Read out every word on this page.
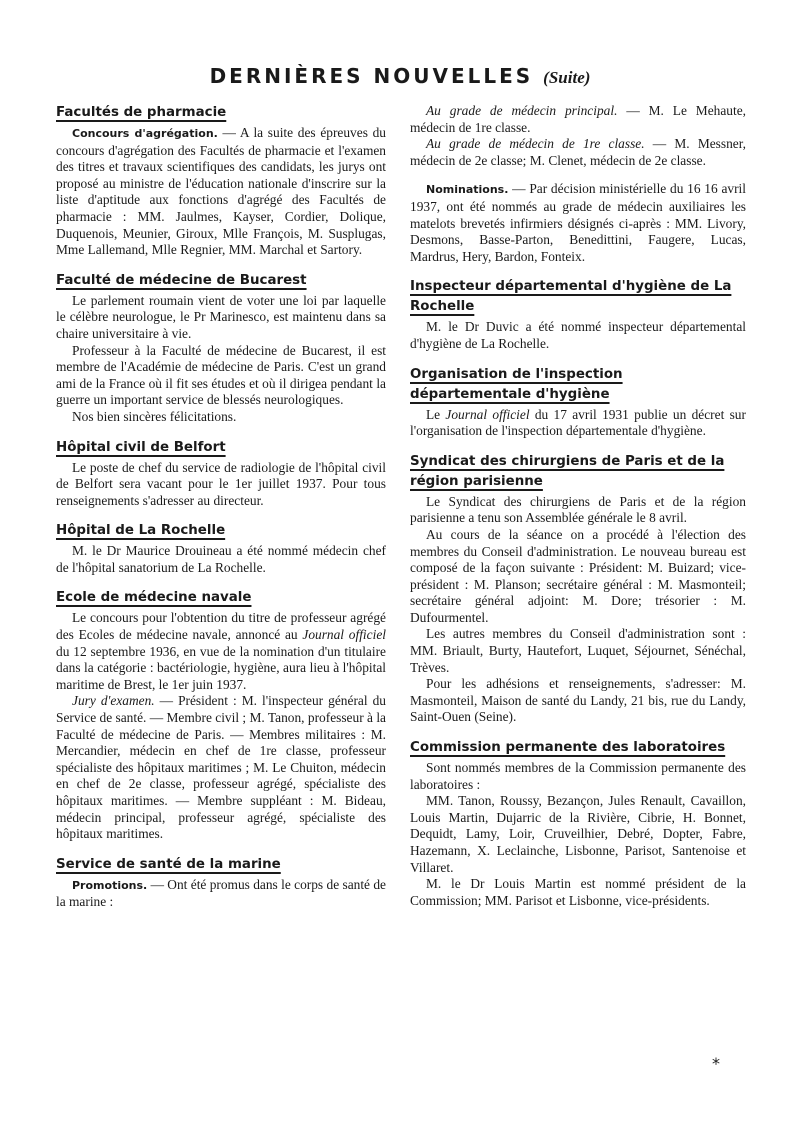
DERNIÈRES NOUVELLES (Suite)
Facultés de pharmacie

Concours d'agrégation. — A la suite des épreuves du concours d'agrégation des Facultés de pharmacie et l'examen des titres et travaux scientifiques des candidats, les jurys ont proposé au ministre de l'éducation nationale d'inscrire sur la liste d'aptitude aux fonctions d'agrégé des Facultés de pharmacie : MM. Jaulmes, Kayser, Cordier, Dolique, Duquenois, Meunier, Giroux, Mlle François, M. Susplugas, Mme Lallemand, Mlle Regnier, MM. Marchal et Sartory.

Faculté de médecine de Bucarest

Le parlement roumain vient de voter une loi par laquelle le célèbre neurologue, le Pr Marinesco, est maintenu dans sa chaire universitaire à vie.

Professeur à la Faculté de médecine de Bucarest, il est membre de l'Académie de médecine de Paris. C'est un grand ami de la France où il fit ses études et où il dirigea pendant la guerre un important service de blessés neurologiques.

Nos bien sincères félicitations.

Hôpital civil de Belfort

Le poste de chef du service de radiologie de l'hôpital civil de Belfort sera vacant pour le 1er juillet 1937. Pour tous renseignements s'adresser au directeur.

Hôpital de La Rochelle

M. le Dr Maurice Drouineau a été nommé médecin chef de l'hôpital sanatorium de La Rochelle.

Ecole de médecine navale

Le concours pour l'obtention du titre de professeur agrégé des Ecoles de médecine navale, annoncé au Journal officiel du 12 septembre 1936, en vue de la nomination d'un titulaire dans la catégorie : bactériologie, hygiène, aura lieu à l'hôpital maritime de Brest, le 1er juin 1937.

Jury d'examen. — Président : M. l'inspecteur général du Service de santé. — Membre civil ; M. Tanon, professeur à la Faculté de médecine de Paris. — Membres militaires : M. Mercandier, médecin en chef de 1re classe, professeur spécialiste des hôpitaux maritimes ; M. Le Chuiton, médecin en chef de 2e classe, professeur agrégé, spécialiste des hôpitaux maritimes. — Membre suppléant : M. Bideau, médecin principal, professeur agrégé, spécialiste des hôpitaux maritimes.

Service de santé de la marine

Promotions. — Ont été promus dans le corps de santé de la marine :

Au grade de médecin principal. — M. Le Mehaute, médecin de 1re classe.

Au grade de médecin de 1re classe. — M. Messner, médecin de 2e classe; M. Clenet, médecin de 2e classe.

Nominations. — Par décision ministérielle du 16 16 avril 1937, ont été nommés au grade de médecin auxiliaires les matelots brevetés infirmiers désignés ci-après : MM. Livory, Desmons, Basse-Parton, Benedittini, Faugere, Lucas, Mardrus, Hery, Bardon, Fonteix.

Inspecteur départemental d'hygiène de La Rochelle

M. le Dr Duvic a été nommé inspecteur départemental d'hygiène de La Rochelle.

Organisation de l'inspection départementale d'hygiène

Le Journal officiel du 17 avril 1931 publie un décret sur l'organisation de l'inspection départementale d'hygiène.

Syndicat des chirurgiens de Paris et de la région parisienne

Le Syndicat des chirurgiens de Paris et de la région parisienne a tenu son Assemblée générale le 8 avril.

Au cours de la séance on a procédé à l'élection des membres du Conseil d'administration. Le nouveau bureau est composé de la façon suivante : Président: M. Buizard; vice-président : M. Planson; secrétaire général : M. Masmonteil; secrétaire général adjoint: M. Dore; trésorier : M. Dufourmentel.

Les autres membres du Conseil d'administration sont : MM. Briault, Burty, Hautefort, Luquet, Séjournet, Sénéchal, Trèves.

Pour les adhésions et renseignements, s'adresser: M. Masmonteil, Maison de santé du Landy, 21 bis, rue du Landy, Saint-Ouen (Seine).

Commission permanente des laboratoires

Sont nommés membres de la Commission permanente des laboratoires :

MM. Tanon, Roussy, Bezançon, Jules Renault, Cavaillon, Louis Martin, Dujarric de la Rivière, Cibrie, H. Bonnet, Dequidt, Lamy, Loir, Cruveilhier, Debré, Dopter, Fabre, Hazemann, X. Leclainche, Lisbonne, Parisot, Santenoise et Villaret.

M. le Dr Louis Martin est nommé président de la Commission; MM. Parisot et Lisbonne, vice-présidents.

*
